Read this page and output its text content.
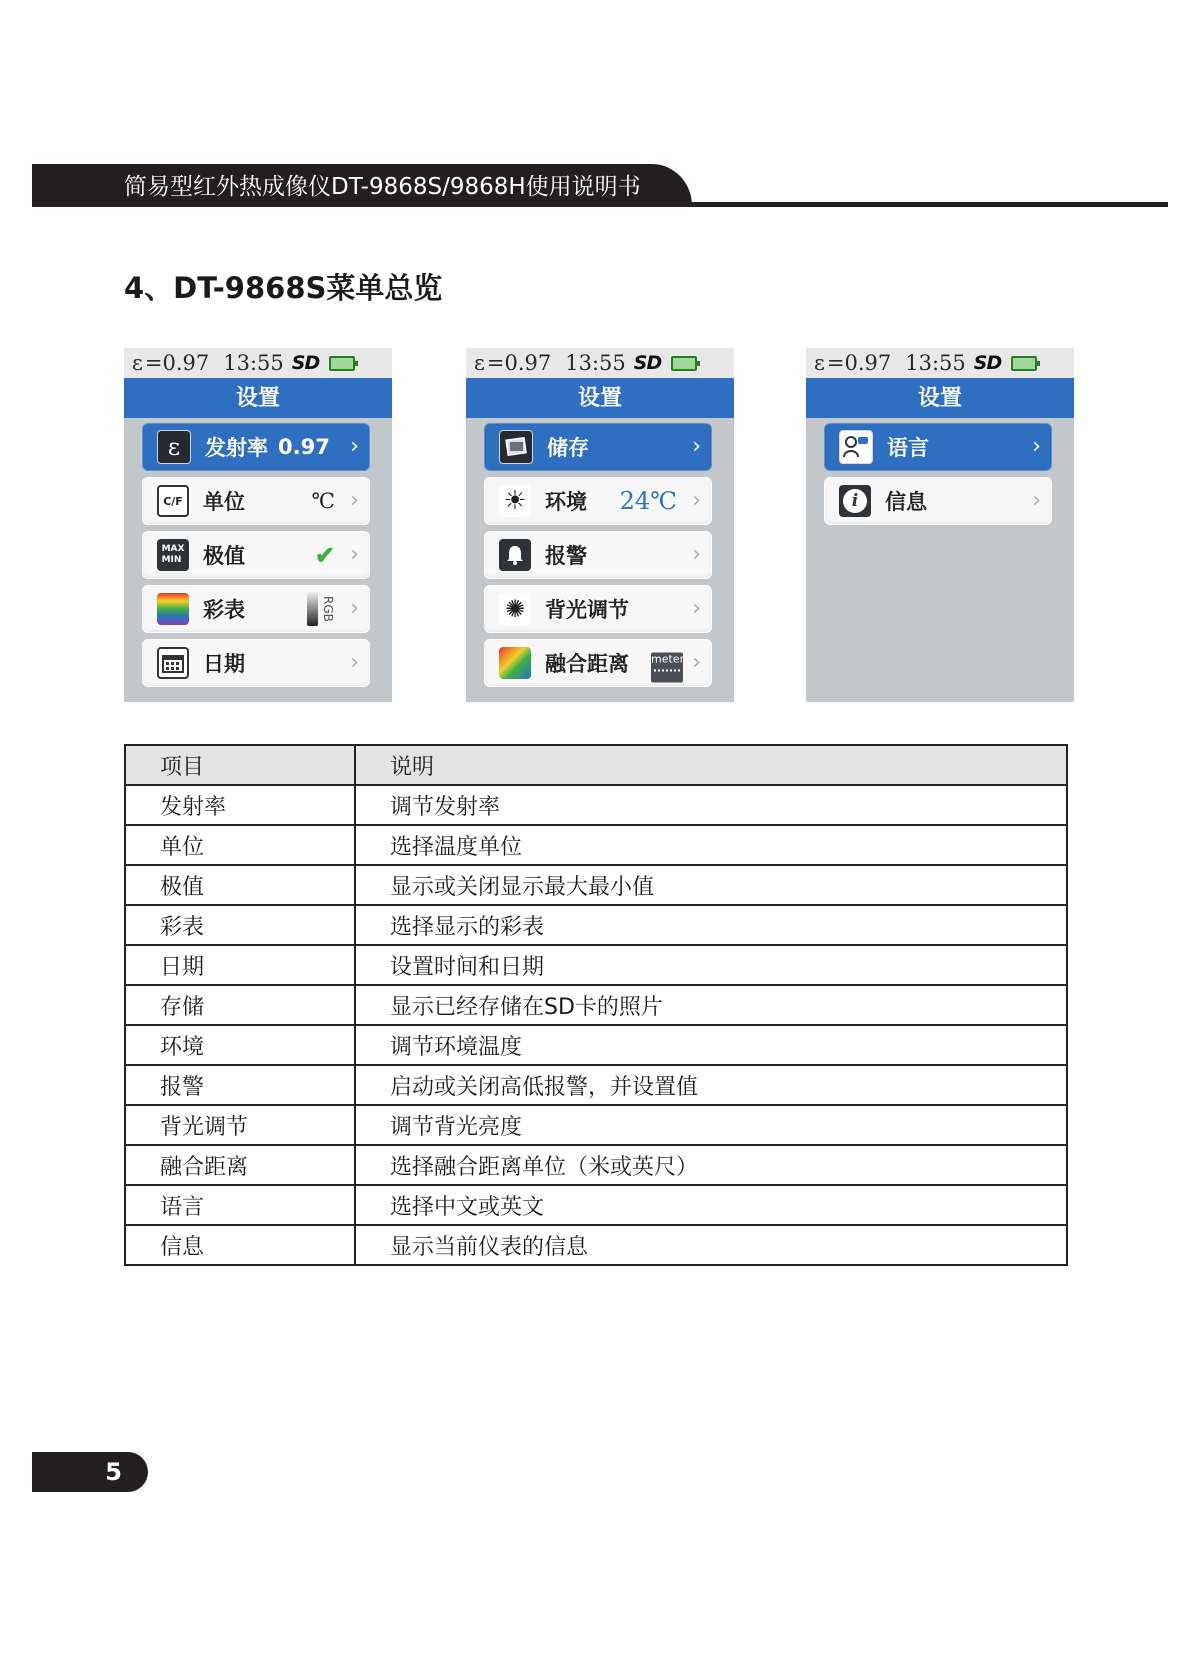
简易型红外热成像仪DT-9868S/9868H使用说明书
4、DT-9868S菜单总览
ε =0.97 13:55 SD
设置
ε	发射率 0.97 ›
C/F 单位	℃ ›
MAX
MIN	极值	✔ ›
彩表	RGB ›
日期	›
ε =0.97 13:55 SD
设置
储存	›
☀ 环境 24℃ ›
报警	›
✺ 背光调节	›
融合距离 meter ›
ε =0.97 13:55 SD
设置
语言	›
i	信息	›
项目	说明
发射率	调节发射率
单位	选择温度单位
极值	显示或关闭显示最大最小值
彩表	选择显示的彩表
日期	设置时间和日期
存储	显示已经存储在SD卡的照片
环境	调节环境温度
报警	启动或关闭高低报警，并设置值
背光调节	调节背光亮度
融合距离	选择融合距离单位（米或英尺）
语言	选择中文或英文
信息	显示当前仪表的信息
5
